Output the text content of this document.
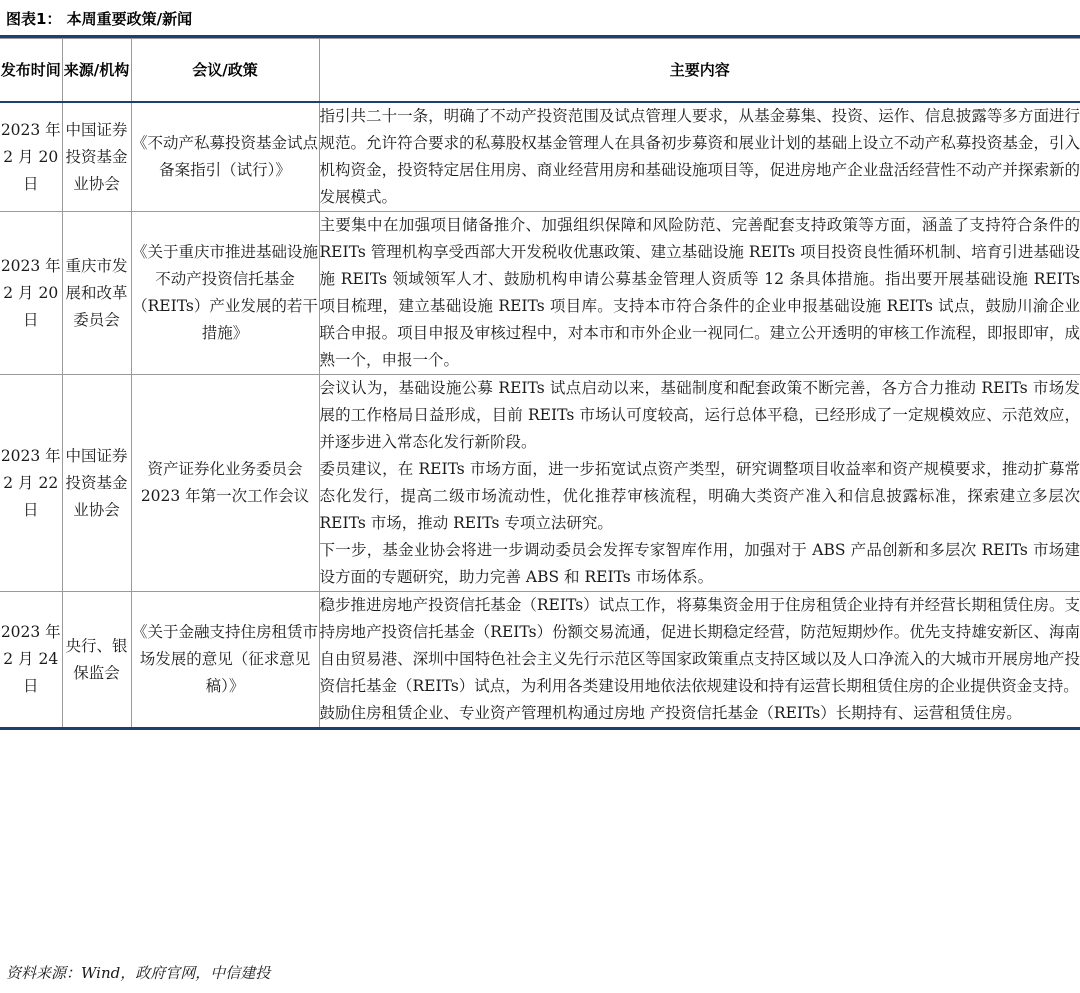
图表1： 本周重要政策/新闻
发布时间	来源/机构	会议/政策	主要内容
2023 年 2 月 20 日	中国证券投资基金业协会	《不动产私募投资基金试点备案指引（试行）》	指引共二十一条，明确了不动产投资范围及试点管理人要求，从基金募集、投资、运作、信息披露等多方面进行规范。允许符合要求的私募股权基金管理人在具备初步募资和展业计划的基础上设立不动产私募投资基金，引入机构资金，投资特定居住用房、商业经营用房和基础设施项目等，促进房地产企业盘活经营性不动产并探索新的发展模式。

2023 年 2 月 20 日	重庆市发展和改革委员会	《关于重庆市推进基础设施不动产投资信托基金（REITs）产业发展的若干措施》	主要集中在加强项目储备推介、加强组织保障和风险防范、完善配套支持政策等方面，涵盖了支持符合条件的 REITs 管理机构享受西部大开发税收优惠政策、建立基础设施 REITs 项目投资良性循环机制、培育引进基础设施 REITs 领域领军人才、鼓励机构申请公募基金管理人资质等 12 条具体措施。指出要开展基础设施 REITs 项目梳理，建立基础设施 REITs 项目库。支持本市符合条件的企业申报基础设施 REITs 试点，鼓励川渝企业联合申报。项目申报及审核过程中，对本市和市外企业一视同仁。建立公开透明的审核工作流程，即报即审，成熟一个，申报一个。

2023 年 2 月 22 日	中国证券投资基金业协会	资产证券化业务委员会 2023 年第一次工作会议	会议认为，基础设施公募 REITs 试点启动以来，基础制度和配套政策不断完善，各方合力推动 REITs 市场发展的工作格局日益形成，目前 REITs 市场认可度较高，运行总体平稳，已经形成了一定规模效应、示范效应，并逐步进入常态化发行新阶段。

委员建议，在 REITs 市场方面，进一步拓宽试点资产类型，研究调整项目收益率和资产规模要求，推动扩募常态化发行，提高二级市场流动性，优化推荐审核流程，明确大类资产准入和信息披露标准，探索建立多层次 REITs 市场，推动 REITs 专项立法研究。

下一步，基金业协会将进一步调动委员会发挥专家智库作用，加强对于 ABS 产品创新和多层次 REITs 市场建设方面的专题研究，助力完善 ABS 和 REITs 市场体系。

2023 年 2 月 24 日	央行、银保监会	《关于金融支持住房租赁市场发展的意见（征求意见稿）》	稳步推进房地产投资信托基金（REITs）试点工作，将募集资金用于住房租赁企业持有并经营长期租赁住房。支持房地产投资信托基金（REITs）份额交易流通，促进长期稳定经营，防范短期炒作。优先支持雄安新区、海南自由贸易港、深圳中国特色社会主义先行示范区等国家政策重点支持区域以及人口净流入的大城市开展房地产投资信托基金（REITs）试点，为利用各类建设用地依法依规建设和持有运营长期租赁住房的企业提供资金支持。

鼓励住房租赁企业、专业资产管理机构通过房地 产投资信托基金（REITs）长期持有、运营租赁住房。

资料来源：Wind，政府官网，中信建投
